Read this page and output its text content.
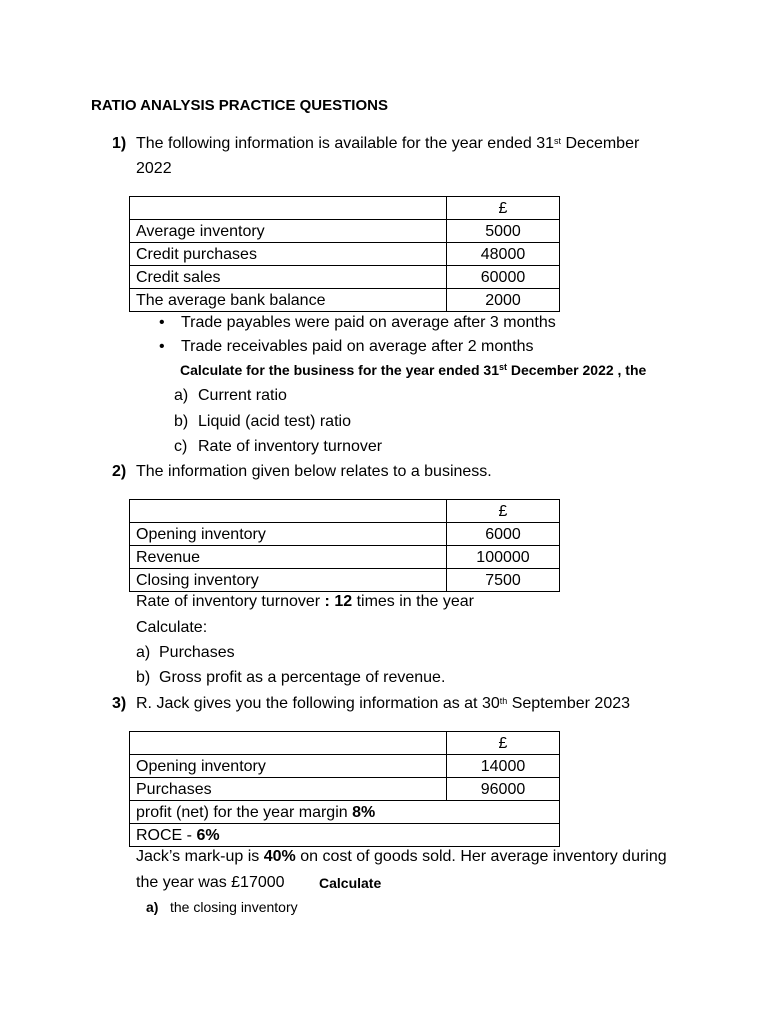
RATIO ANALYSIS PRACTICE QUESTIONS
1) The following information is available for the year ended 31st December
2022
	£
Average inventory	5000
Credit purchases	48000
Credit sales	60000
The average bank balance	2000
• Trade payables were paid on average after 3 months
• Trade receivables paid on average after 2 months
Calculate for the business for the year ended 31st December 2022 , the
a) Current ratio
b) Liquid (acid test) ratio
c) Rate of inventory turnover
2) The information given below relates to a business.
	£
Opening inventory	6000
Revenue	100000
Closing inventory	7500
Rate of inventory turnover : 12 times in the year
Calculate:
a) Purchases
b) Gross profit as a percentage of revenue.
3) R. Jack gives you the following information as at 30th September 2023
	£
Opening inventory	14000
Purchases	96000
profit (net) for the year margin 8%	
ROCE - 6%	
Jack’s mark-up is 40% on cost of goods sold. Her average inventory during
the year was £17000 Calculate
a) the closing inventory
